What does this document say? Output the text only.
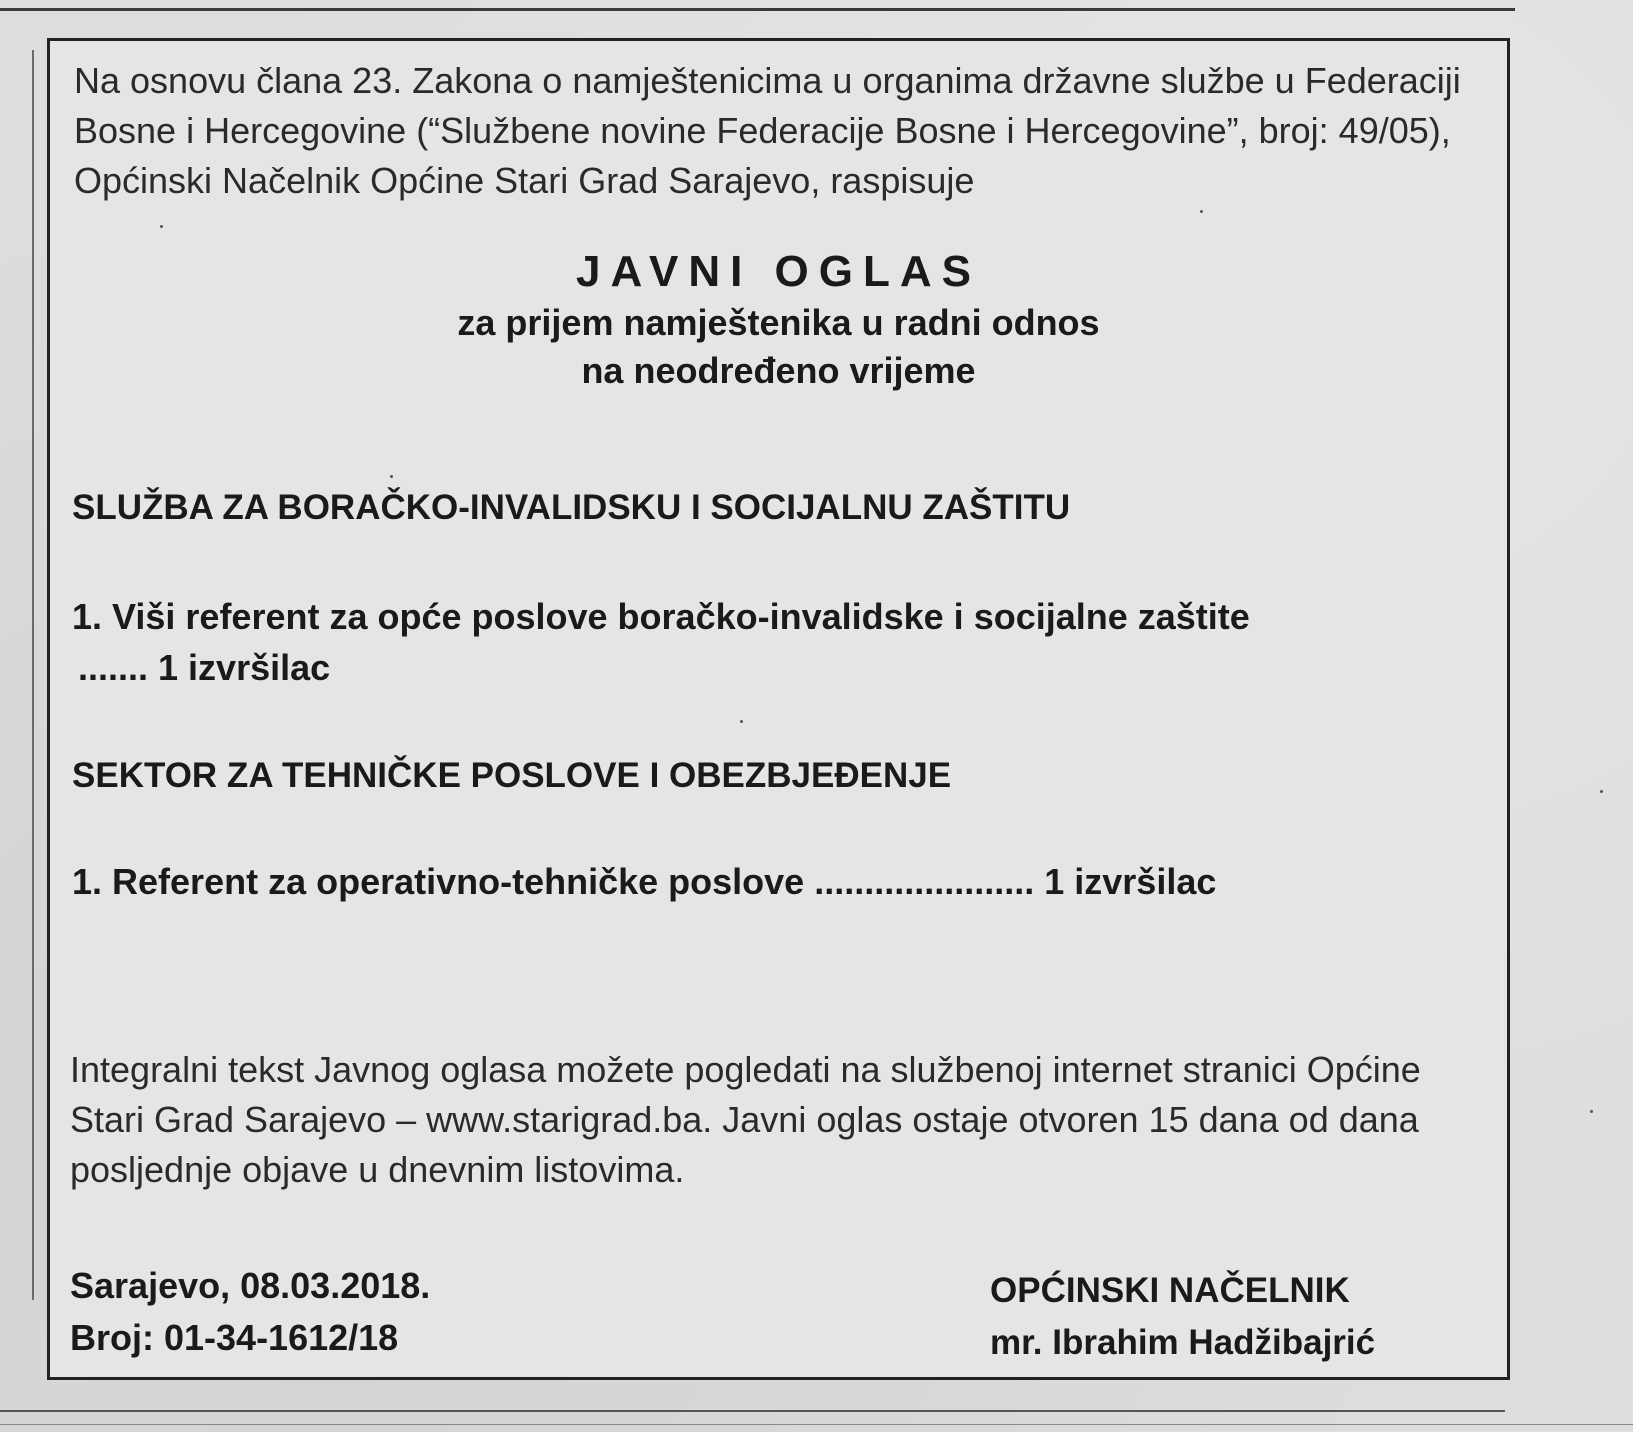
Na osnovu člana 23. Zakona o namještenicima u organima državne službe u Federaciji Bosne i Hercegovine (“Službene novine Federacije Bosne i Hercegovine”, broj: 49/05), Općinski Načelnik Općine Stari Grad Sarajevo, raspisuje
JAVNI OGLAS
za prijem namještenika u radni odnos
na neodređeno vrijeme
SLUŽBA ZA BORAČKO-INVALIDSKU I SOCIJALNU ZAŠTITU
1. Viši referent za opće poslove boračko-invalidske i socijalne zaštite
....... 1 izvršilac
SEKTOR ZA TEHNIČKE POSLOVE I OBEZBJEĐENJE
1. Referent za operativno-tehničke poslove ...................... 1 izvršilac
Integralni tekst Javnog oglasa možete pogledati na službenoj internet stranici Općine Stari Grad Sarajevo – www.starigrad.ba. Javni oglas ostaje otvoren 15 dana od dana posljednje objave u dnevnim listovima.
Sarajevo, 08.03.2018.
Broj: 01-34-1612/18
OPĆINSKI NAČELNIK
mr. Ibrahim Hadžibajrić
